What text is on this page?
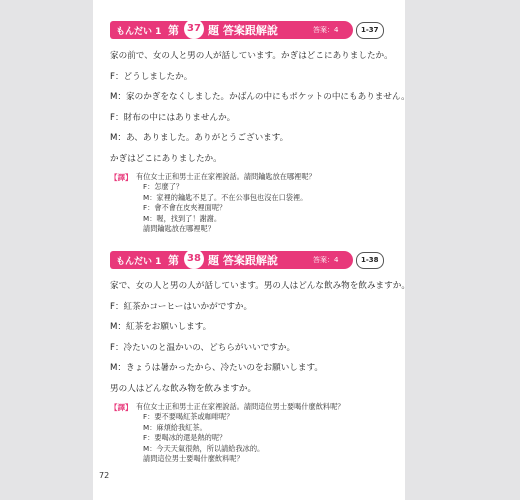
もんだい 1 第 37 題 答案跟解說	答案：4	1-37

家の前で、女の人と男の人が話しています。かぎはどこにありましたか。

F：どうしましたか。

M：家のかぎをなくしました。かばんの中にもポケットの中にもありません。

F：財布の中にはありませんか。

M：あ、ありました。ありがとうございます。

かぎはどこにありましたか。

【譯】 有位女士正和男士正在家裡說話。請問鑰匙放在哪裡呢？
F：怎麼了？
M：家裡的鑰匙不見了。不在公事包也沒在口袋裡。
F：會不會在皮夾裡面呢？
M：喔，找到了！謝謝。
請問鑰匙放在哪裡呢？
もんだい 1 第 38 題 答案跟解說	答案：4	1-38

家で、女の人と男の人が話しています。男の人はどんな飲み物を飲みますか。

F：紅茶かコーヒーはいかがですか。

M：紅茶をお願いします。

F：冷たいのと温かいの、どちらがいいですか。

M：きょうは暑かったから、冷たいのをお願いします。

男の人はどんな飲み物を飲みますか。

【譯】 有位女士正和男士正在家裡說話。請問這位男士要喝什麼飲料呢？
F：要不要喝紅茶或咖啡呢？
M：麻煩給我紅茶。
F：要喝冰的還是熱的呢？
M：今天天氣很熱，所以請給我冰的。
請問這位男士要喝什麼飲料呢？
72
